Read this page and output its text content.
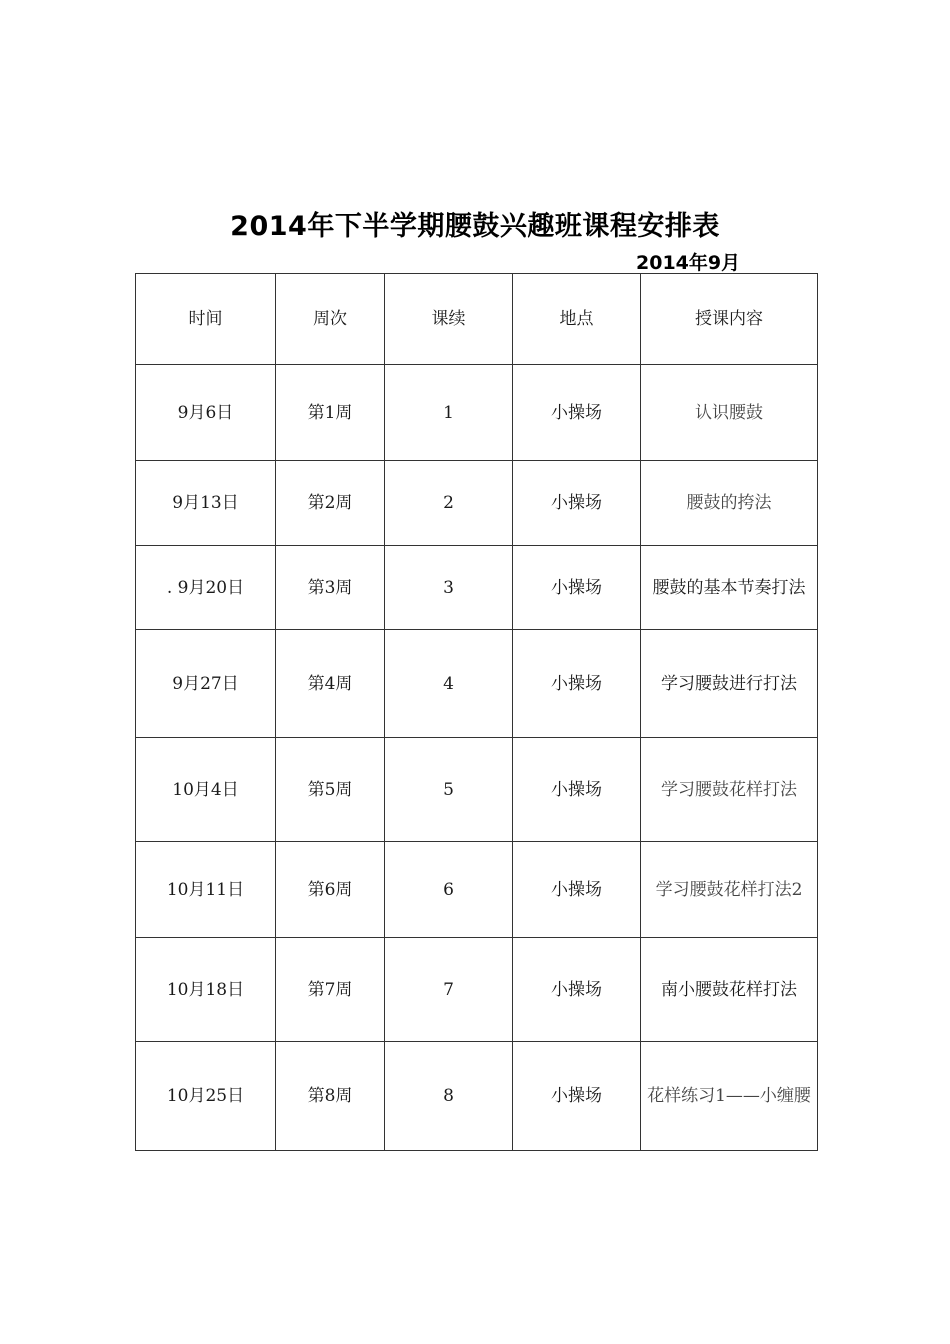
2014年下半学期腰鼓兴趣班课程安排表
2014年9月
时间	周次	课续	地点	授课内容
9月6日	第1周	1	小操场	认识腰鼓
9月13日	第2周	2	小操场	腰鼓的挎法
. 9月20日	第3周	3	小操场	腰鼓的基本节奏打法
9月27日	第4周	4	小操场	学习腰鼓进行打法
10月4日	第5周	5	小操场	学习腰鼓花样打法
10月11日	第6周	6	小操场	学习腰鼓花样打法2
10月18日	第7周	7	小操场	南小腰鼓花样打法
10月25日	第8周	8	小操场	花样练习1——小缠腰
